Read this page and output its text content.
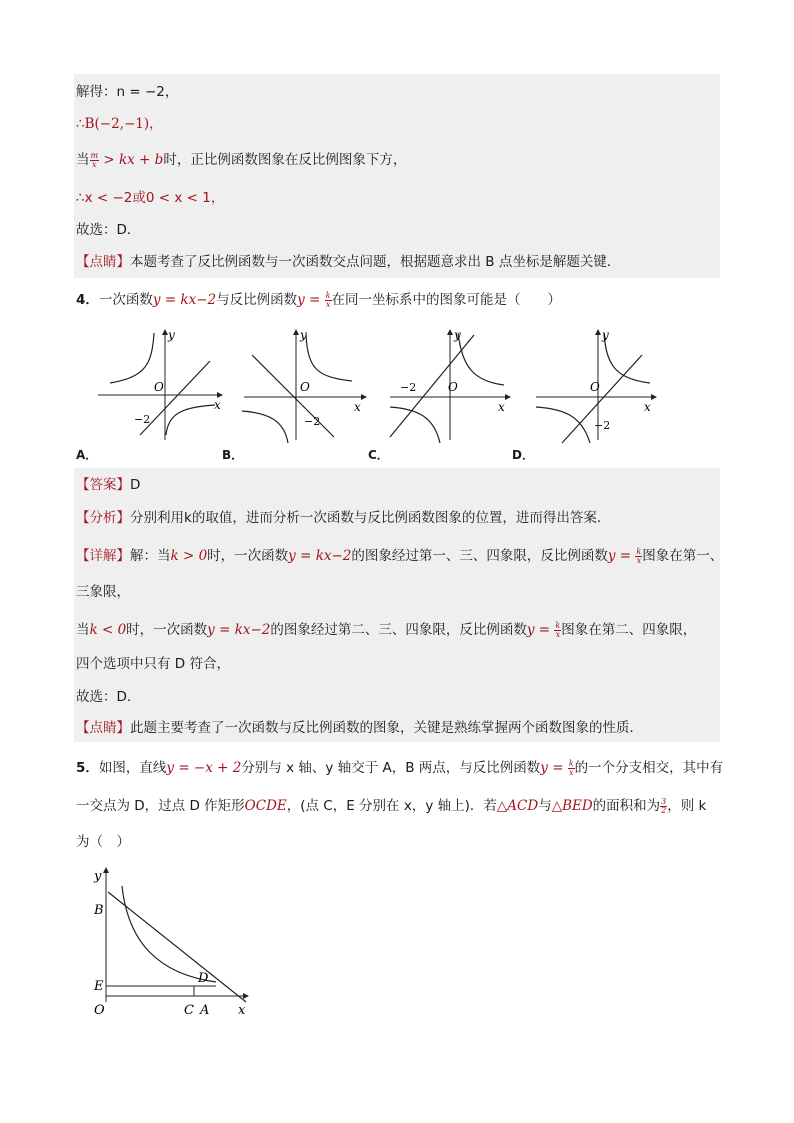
解得：n = −2，
∴B(−2,−1)，
当 $\frac{m}{x}$ > kx + b时，正比例函数图象在反比例图象下方，
∴x < −2或0 < x < 1，
故选：D．
【点睛】本题考查了反比例函数与一次函数交点问题，根据题意求出 B 点坐标是解题关键．
4．一次函数y = kx−2与反比例函数$y = \frac{k}{x}$ 在同一坐标系中的图象可能是（　　）
y
x
O
−2
y
x
O
−2
y
x
O
−2
y
x
O
−2
A．	B．	C．	D．
【答案】D
【分析】分别利用k的取值，进而分析一次函数与反比例函数图象的位置，进而得出答案．
【详解】解：当k > 0时，一次函数y = kx−2的图象经过第一、三、四象限，反比例函数$y = \frac{k}{x}$ 图象在第一、
三象限，
当k < 0时，一次函数y = kx−2的图象经过第二、三、四象限，反比例函数$y = \frac{k}{x}$ 图象在第二、四象限，
四个选项中只有 D 符合，
故选：D．
【点睛】此题主要考查了一次函数与反比例函数的图象，关键是熟练掌握两个函数图象的性质．
5．如图，直线y = −x + 2分别与 x 轴、y 轴交于 A，B 两点，与反比例函数$y = \frac{k}{x}$ 的一个分支相交，其中有
一交点为 D，过点 D 作矩形OCDE，(点 C，E 分别在 x，y 轴上)．若△ACD与△BED的面积和为 $\frac{3}{2}$ ，则 k
为（　）
y
x
B
E
D
O	C A
